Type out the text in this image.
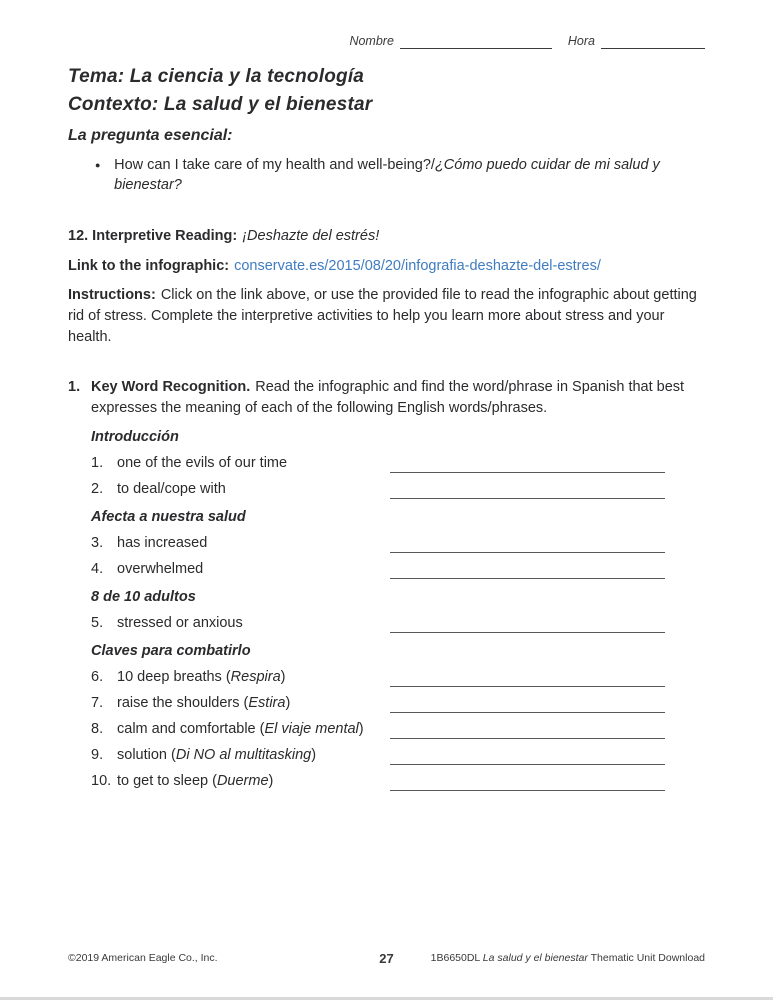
Nombre	Hora
Tema: La ciencia y la tecnología
Contexto: La salud y el bienestar
La pregunta esencial:
● How can I take care of my health and well-being?/¿Cómo puedo cuidar de mi salud y bienestar?
12. Interpretive Reading: ¡Deshazte del estrés!
Link to the infographic: conservate.es/2015/08/20/infografia-deshazte-del-estres/
Instructions: Click on the link above, or use the provided file to read the infographic about getting rid of stress. Complete the interpretive activities to help you learn more about stress and your health.
1. Key Word Recognition. Read the infographic and find the word/phrase in Spanish that best expresses the meaning of each of the following English words/phrases.
Introducción
1. one of the evils of our time
2. to deal/cope with
Afecta a nuestra salud
3. has increased
4. overwhelmed
8 de 10 adultos
5. stressed or anxious
Claves para combatirlo
6. 10 deep breaths (Respira)
7. raise the shoulders (Estira)
8. calm and comfortable (El viaje mental)
9. solution (Di NO al multitasking)
10. to get to sleep (Duerme)
©2019 American Eagle Co., Inc.	27	1B6650DL La salud y el bienestar Thematic Unit Download
